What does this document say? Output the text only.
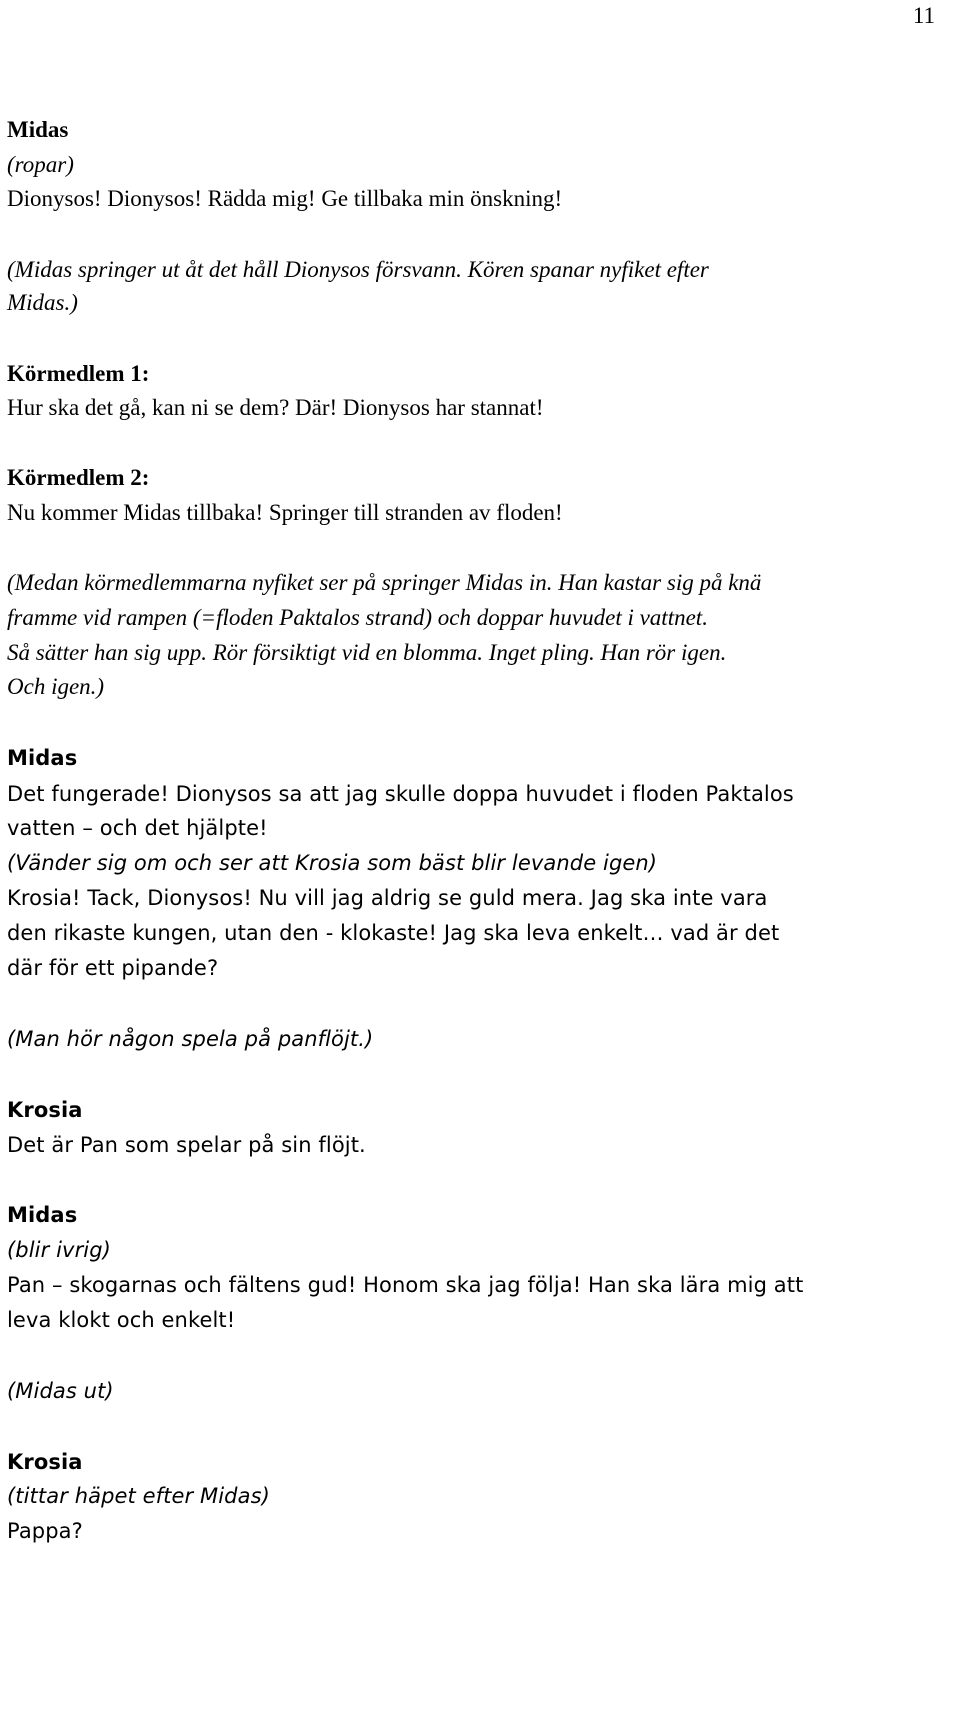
11
Midas
(ropar)
Dionysos! Dionysos! Rädda mig! Ge tillbaka min önskning!
(Midas springer ut åt det håll Dionysos försvann. Kören spanar nyfiket efter
Midas.)
Körmedlem 1:
Hur ska det gå, kan ni se dem? Där! Dionysos har stannat!
Körmedlem 2:
Nu kommer Midas tillbaka! Springer till stranden av floden!
(Medan körmedlemmarna nyfiket ser på springer Midas in. Han kastar sig på knä
framme vid rampen (=floden Paktalos strand) och doppar huvudet i vattnet.
Så sätter han sig upp. Rör försiktigt vid en blomma. Inget pling. Han rör igen.
Och igen.)
Midas
Det fungerade! Dionysos sa att jag skulle doppa huvudet i floden Paktalos
vatten – och det hjälpte!
(Vänder sig om och ser att Krosia som bäst blir levande igen)
Krosia! Tack, Dionysos! Nu vill jag aldrig se guld mera. Jag ska inte vara
den rikaste kungen, utan den - klokaste! Jag ska leva enkelt… vad är det
där för ett pipande?
(Man hör någon spela på panflöjt.)
Krosia
Det är Pan som spelar på sin flöjt.
Midas
(blir ivrig)
Pan – skogarnas och fältens gud! Honom ska jag följa! Han ska lära mig att
leva klokt och enkelt!
(Midas ut)
Krosia
(tittar häpet efter Midas)
Pappa?
